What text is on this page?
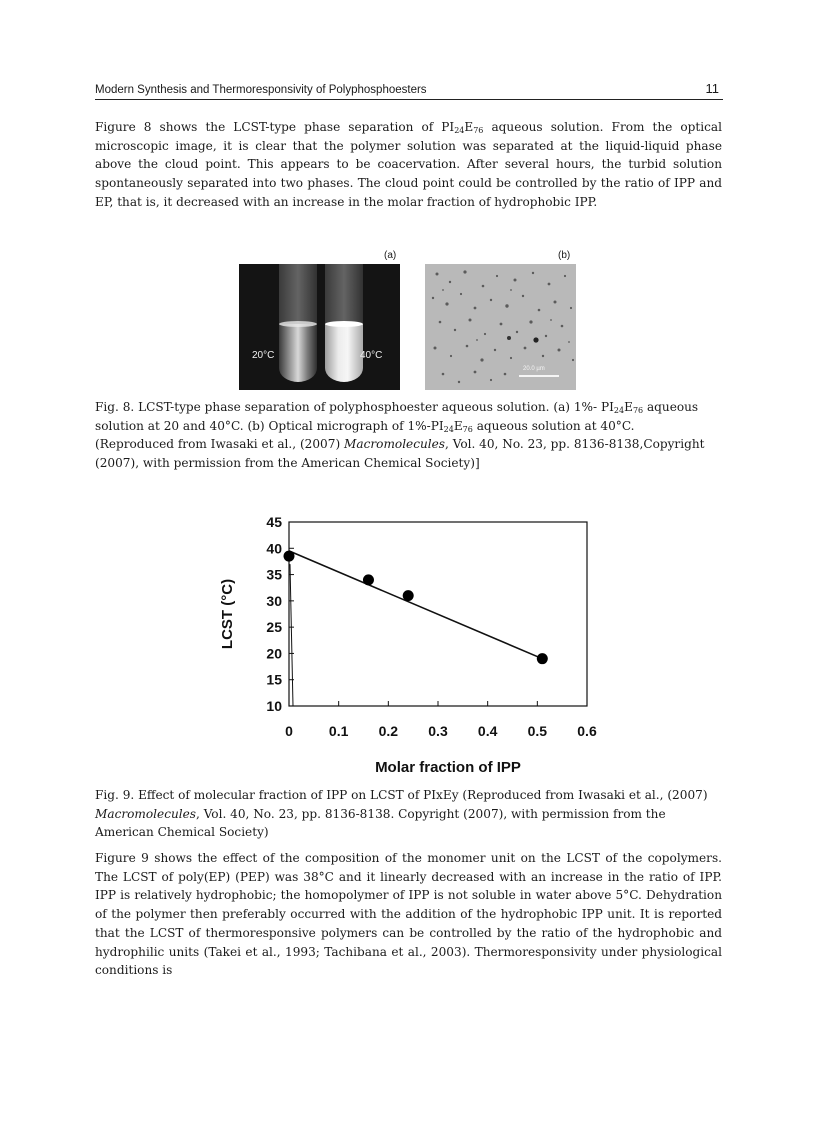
Modern Synthesis and Thermoresponsivity of Polyphosphoesters	11

Figure 8 shows the LCST-type phase separation of $PI_{24}E_{76}$ aqueous solution. From the optical microscopic image, it is clear that the polymer solution was separated at the liquid-liquid phase above the cloud point. This appears to be coacervation. After several hours, the turbid solution spontaneously separated into two phases. The cloud point could be controlled by the ratio of IPP and EP, that is, it decreased with an increase in the molar fraction of hydrophobic IPP.

(a)	(b)
20°C	40°C
20.0 µm

Fig. 8. LCST-type phase separation of polyphosphoester aqueous solution. (a) 1%- $PI_{24}E_{76}$ aqueous solution at 20 and 40°C. (b) Optical micrograph of $1\%-PI_{24}E_{76}$ aqueous solution at 40°C. (Reproduced from Iwasaki et al., (2007) Macromolecules, Vol. 40, No. 23, pp. 8136-8138,Copyright (2007), with permission from the American Chemical Society)]

Molar fraction of IPP
LCST (°C)
10
15
20
25
30
35
40
45
0	0.1 0.2 0.3 0.4 0.5 0.6

Fig. 9. Effect of molecular fraction of IPP on LCST of PIxEy (Reproduced from Iwasaki et al., (2007) Macromolecules, Vol. 40, No. 23, pp. 8136-8138. Copyright (2007), with permission from the American Chemical Society)

Figure 9 shows the effect of the composition of the monomer unit on the LCST of the copolymers. The LCST of poly(EP) (PEP) was 38°C and it linearly decreased with an increase in the ratio of IPP. IPP is relatively hydrophobic; the homopolymer of IPP is not soluble in water above 5°C. Dehydration of the polymer then preferably occurred with the addition of the hydrophobic IPP unit. It is reported that the LCST of thermoresponsive polymers can be controlled by the ratio of the hydrophobic and hydrophilic units (Takei et al., 1993; Tachibana et al., 2003). Thermoresponsivity under physiological conditions is
